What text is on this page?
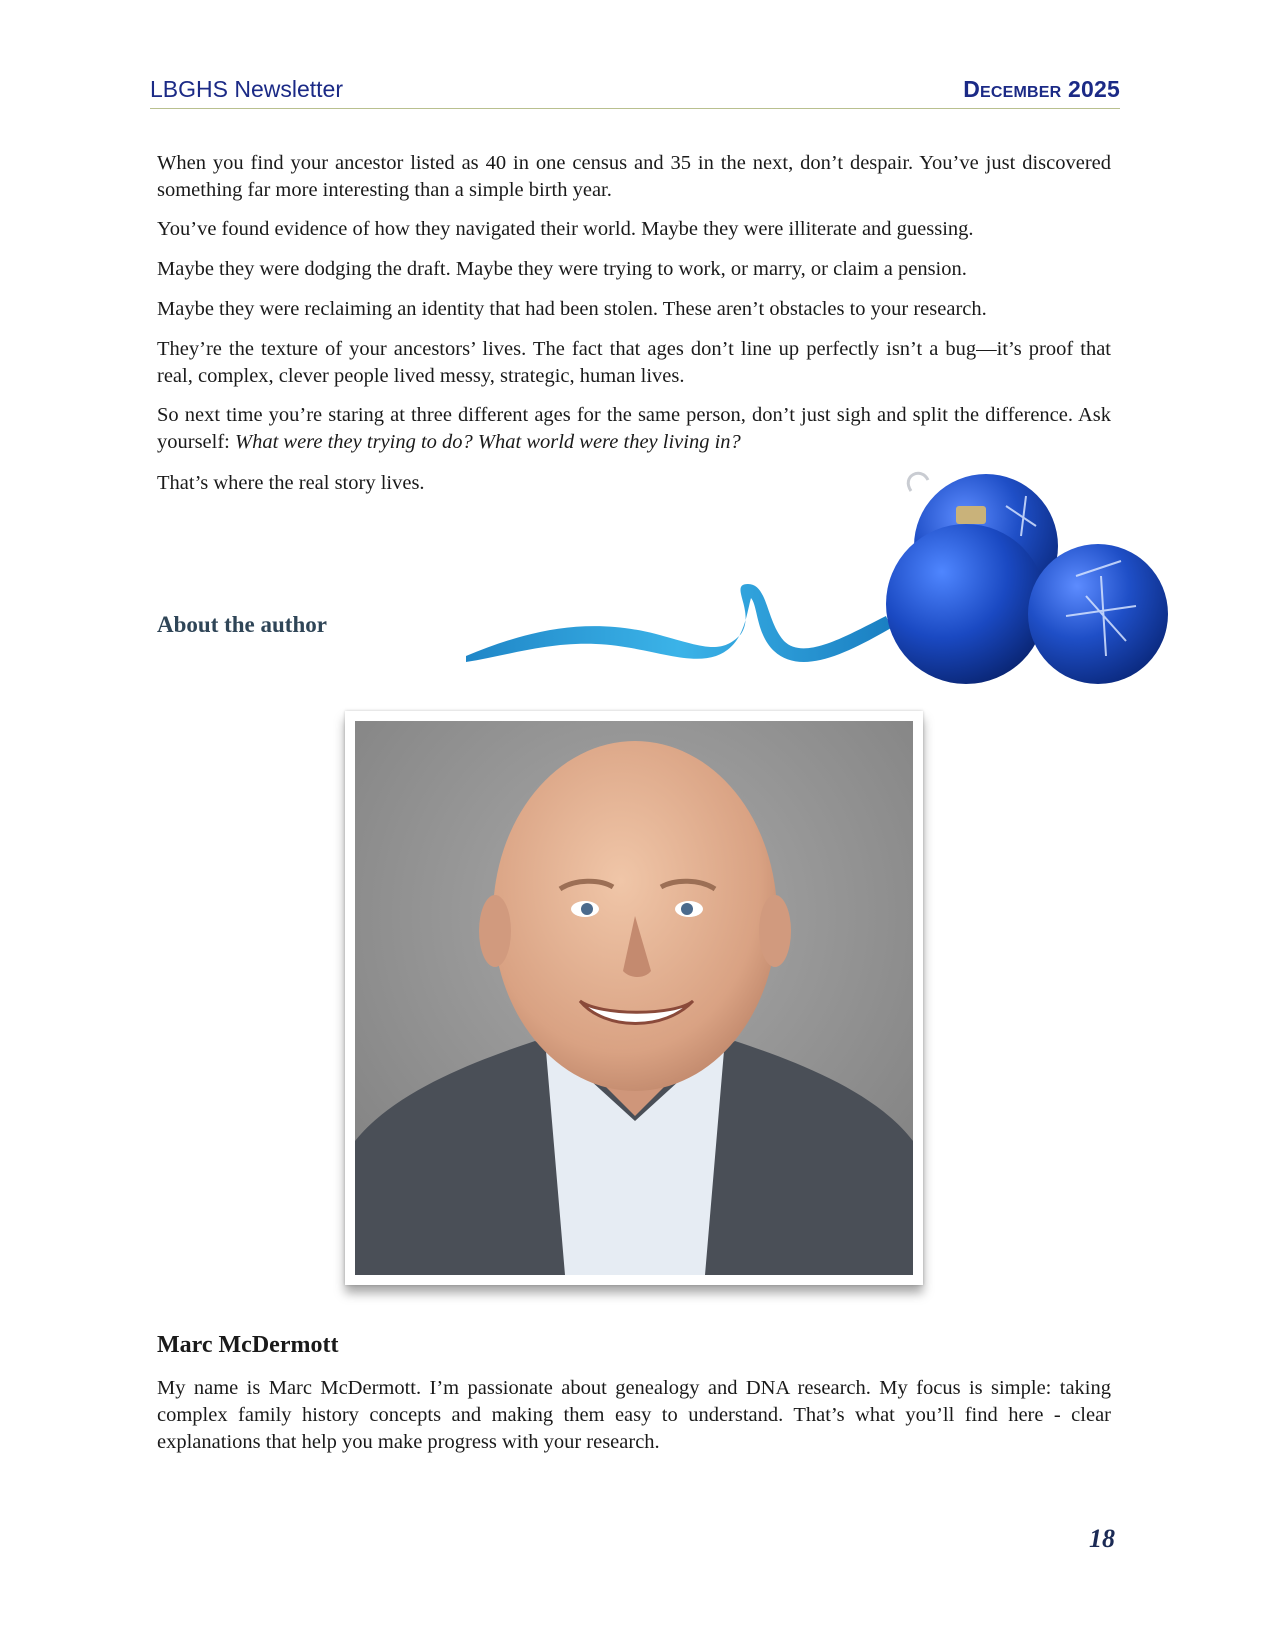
LBGHS Newsletter	December 2025

When you find your ancestor listed as 40 in one census and 35 in the next, don’t despair. You’ve just discovered something far more interesting than a simple birth year.

You’ve found evidence of how they navigated their world. Maybe they were illiterate and guessing.

Maybe they were dodging the draft. Maybe they were trying to work, or marry, or claim a pension.

Maybe they were reclaiming an identity that had been stolen. These aren’t obstacles to your research.

They’re the texture of your ancestors’ lives. The fact that ages don’t line up perfectly isn’t a bug—it’s proof that real, complex, clever people lived messy, strategic, human lives.

So next time you’re staring at three different ages for the same person, don’t just sigh and split the difference. Ask yourself: What were they trying to do? What world were they living in?

That’s where the real story lives.

About the author
Marc McDermott

My name is Marc McDermott. I’m passionate about genealogy and DNA research. My focus is simple: taking complex family history concepts and making them easy to understand. That’s what you’ll find here - clear explanations that help you make progress with your research.

18
